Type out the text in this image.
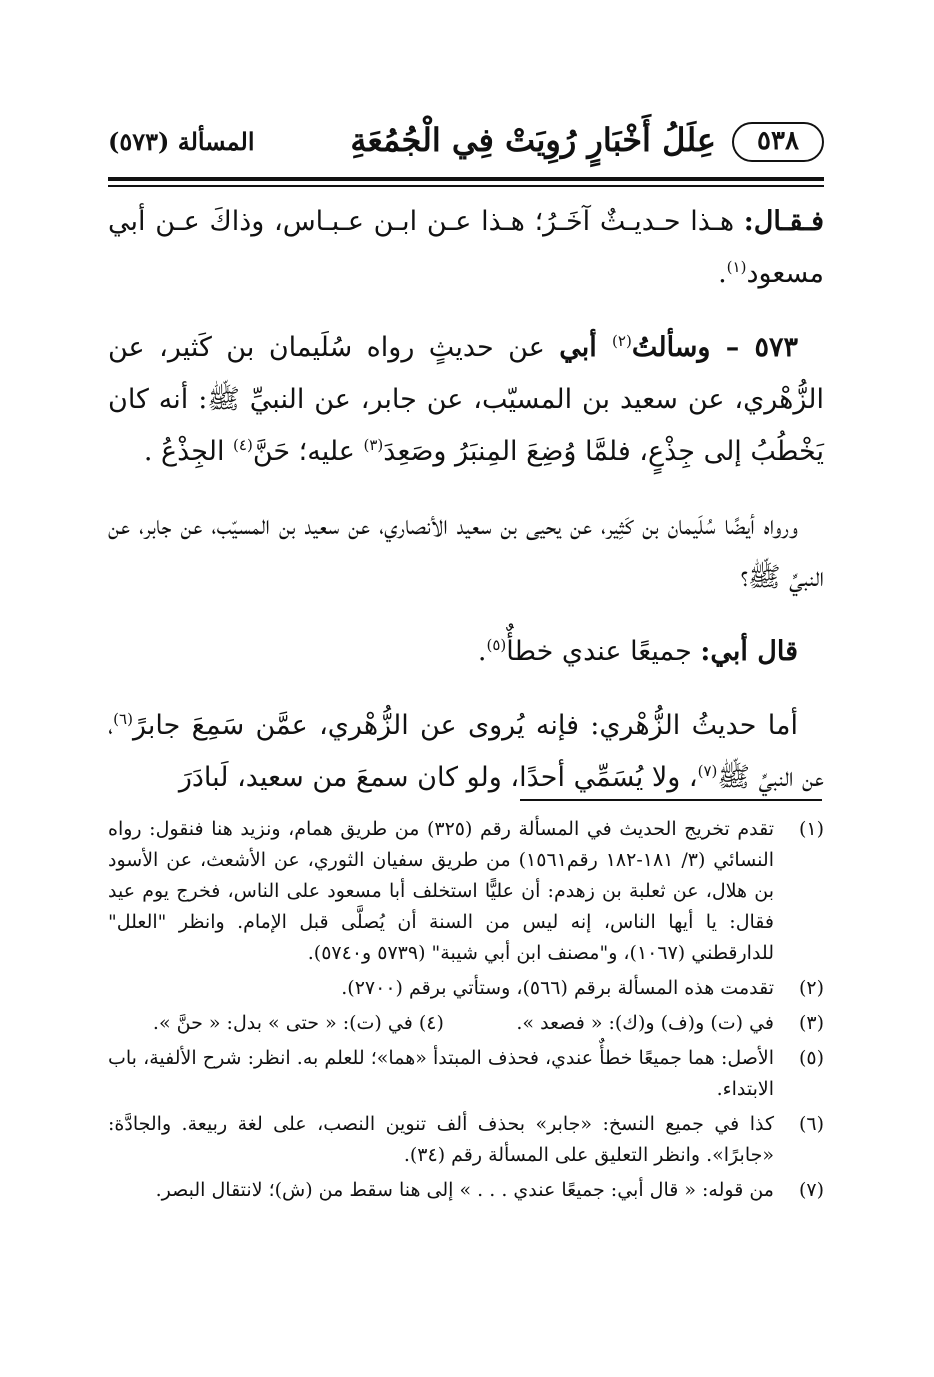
٥٣٨
عِلَلُ أَخْبَارٍ رُوِيَتْ فِي الْجُمُعَةِ
المسألة (٥٧٣)

فـقـال: هـذا حـديـثٌ آخَـرُ؛ هـذا عـن ابـن عـبـاس، وذاكَ عـن أبي مسعود$^{(١)}$.

٥٧٣ – وسألتُ$^{(٢)}$ أبي عن حديثٍ رواه سُلَيمان بن كَثير، عن الزُّهْري، عن سعيد بن المسيّب، عن جابر، عن النبيِّ ﷺ: أنه كان يَخْطُبُ إلى جِذْعٍ، فلمَّا وُضِعَ المِنبَرُ وصَعِدَ$^{(٣)}$ عليه؛ حَنَّ$^{(٤)}$ الجِذْعُ .

ورواه أيضًا سُلَيمان بن كَثِير، عن يحيى بن سعيد الأنصاري، عن سعيد بن المسيّب، عن جابر، عن النبيِّ ﷺ؟

قال أبي: جميعًا عندي خطأٌ$^{(٥)}$.

أما حديثُ الزُّهْري: فإنه يُروى عن الزُّهْري، عمَّن سَمِعَ جابرً$^{(٦)}$، عن النبيِّ ﷺ$^{(٧)}$، ولا يُسَمِّي أحدًا، ولو كان سمعَ من سعيد، لَبادَرَ

(١)
تقدم تخريج الحديث في المسألة رقم (٣٢٥) من طريق همام، ونزيد هنا فنقول: رواه النسائي (٣/ ١٨١-١٨٢ رقم١٥٦١) من طريق سفيان الثوري، عن الأشعث، عن الأسود بن هلال، عن ثعلبة بن زهدم: أن عليًّا استخلف أبا مسعود على الناس، فخرج يوم عيد فقال: يا أيها الناس، إنه ليس من السنة أن يُصلَّى قبل الإمام. وانظر "العلل" للدارقطني (١٠٦٧)، و"مصنف ابن أبي شيبة" (٥٧٣٩ و٥٧٤٠).
(٢)
تقدمت هذه المسألة برقم (٥٦٦)، وستأتي برقم (٢٧٠٠).
(٣)
في (ت) و(ف) و(ك): « فصعد ».            (٤) في (ت): « حتى » بدل: « حنَّ ».
(٥)
الأصل: هما جميعًا خطأٌ عندي، فحذف المبتدأ «هما»؛ للعلم به. انظر: شرح الألفية، باب الابتداء.
(٦)
كذا في جميع النسخ: «جابر» بحذف ألف تنوين النصب، على لغة ربيعة. والجادَّة: «جابرًا». وانظر التعليق على المسألة رقم (٣٤).
(٧)
من قوله: « قال أبي: جميعًا عندي . . . » إلى هنا سقط من (ش)؛ لانتقال البصر.
